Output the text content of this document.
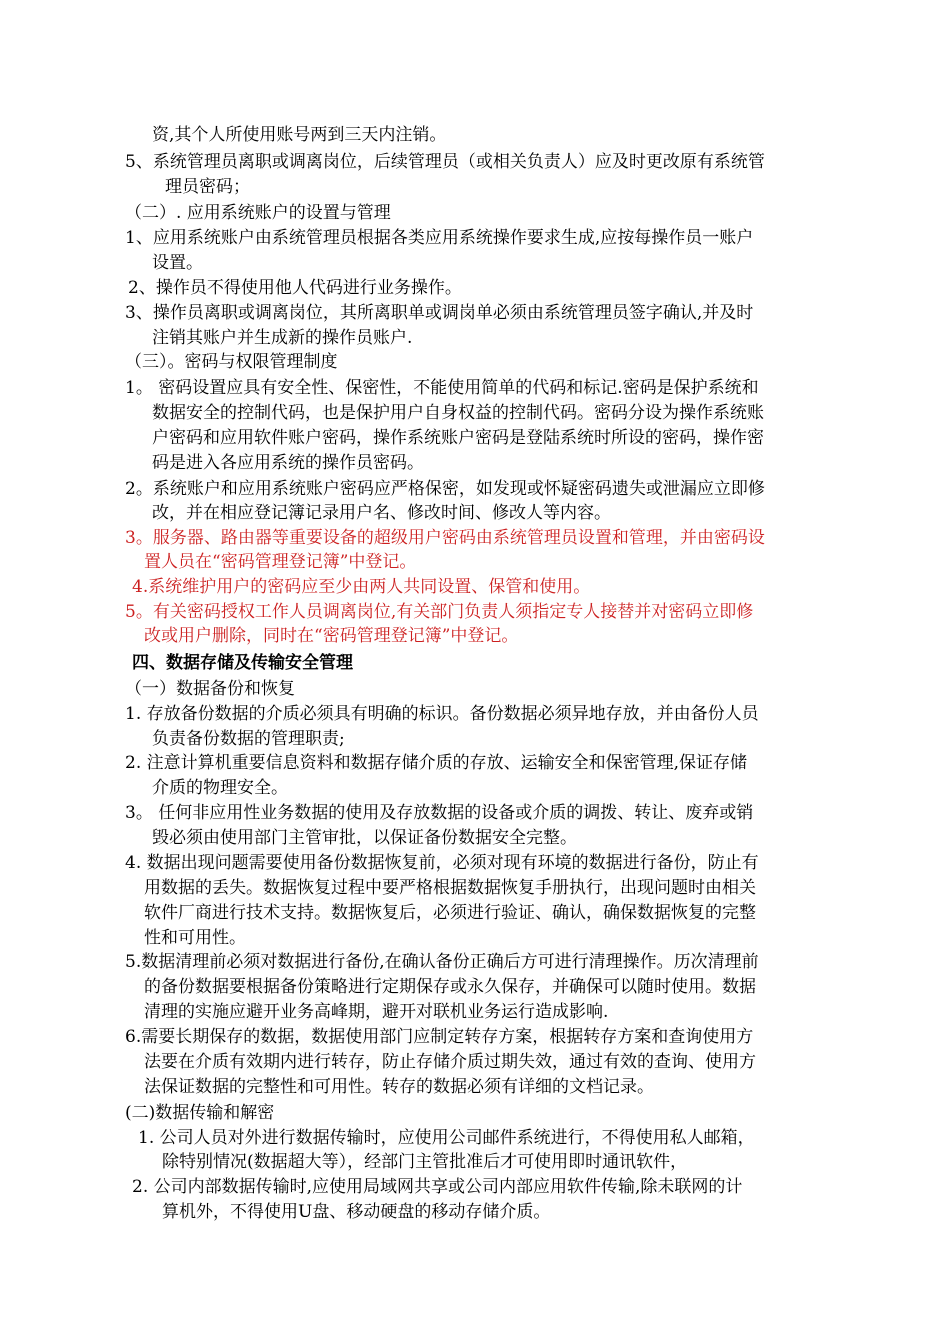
资,其个人所使用账号两到三天内注销。
5、系统管理员离职或调离岗位，后续管理员（或相关负责人）应及时更改原有系统管
理员密码；
（二）. 应用系统账户的设置与管理
1、应用系统账户由系统管理员根据各类应用系统操作要求生成,应按每操作员一账户
设置。
2、操作员不得使用他人代码进行业务操作。
3、操作员离职或调离岗位，其所离职单或调岗单必须由系统管理员签字确认,并及时
注销其账户并生成新的操作员账户.
（三）。密码与权限管理制度
1。 密码设置应具有安全性、保密性，不能使用简单的代码和标记.密码是保护系统和
数据安全的控制代码，也是保护用户自身权益的控制代码。密码分设为操作系统账
户密码和应用软件账户密码，操作系统账户密码是登陆系统时所设的密码，操作密
码是进入各应用系统的操作员密码。
2。系统账户和应用系统账户密码应严格保密，如发现或怀疑密码遗失或泄漏应立即修
改，并在相应登记簿记录用户名、修改时间、修改人等内容。
3。服务器、路由器等重要设备的超级用户密码由系统管理员设置和管理，并由密码设
置人员在“密码管理登记簿”中登记。
4.系统维护用户的密码应至少由两人共同设置、保管和使用。
5。有关密码授权工作人员调离岗位,有关部门负责人须指定专人接替并对密码立即修
改或用户删除，同时在“密码管理登记簿”中登记。
四、数据存储及传输安全管理
（一）数据备份和恢复
1. 存放备份数据的介质必须具有明确的标识。备份数据必须异地存放，并由备份人员
负责备份数据的管理职责;
2. 注意计算机重要信息资料和数据存储介质的存放、运输安全和保密管理,保证存储
介质的物理安全。
3。 任何非应用性业务数据的使用及存放数据的设备或介质的调拨、转让、废弃或销
毁必须由使用部门主管审批，以保证备份数据安全完整。
4. 数据出现问题需要使用备份数据恢复前，必须对现有环境的数据进行备份，防止有
用数据的丢失。数据恢复过程中要严格根据数据恢复手册执行，出现问题时由相关
软件厂商进行技术支持。数据恢复后，必须进行验证、确认，确保数据恢复的完整
性和可用性。
5.数据清理前必须对数据进行备份,在确认备份正确后方可进行清理操作。历次清理前
的备份数据要根据备份策略进行定期保存或永久保存，并确保可以随时使用。数据
清理的实施应避开业务高峰期，避开对联机业务运行造成影响.
6.需要长期保存的数据，数据使用部门应制定转存方案，根据转存方案和查询使用方
法要在介质有效期内进行转存，防止存储介质过期失效，通过有效的查询、使用方
法保证数据的完整性和可用性。转存的数据必须有详细的文档记录。
(二)数据传输和解密
1. 公司人员对外进行数据传输时，应使用公司邮件系统进行，不得使用私人邮箱，
除特别情况(数据超大等），经部门主管批准后才可使用即时通讯软件，
2. 公司内部数据传输时,应使用局域网共享或公司内部应用软件传输,除未联网的计
算机外，不得使用U盘、移动硬盘的移动存储介质。
